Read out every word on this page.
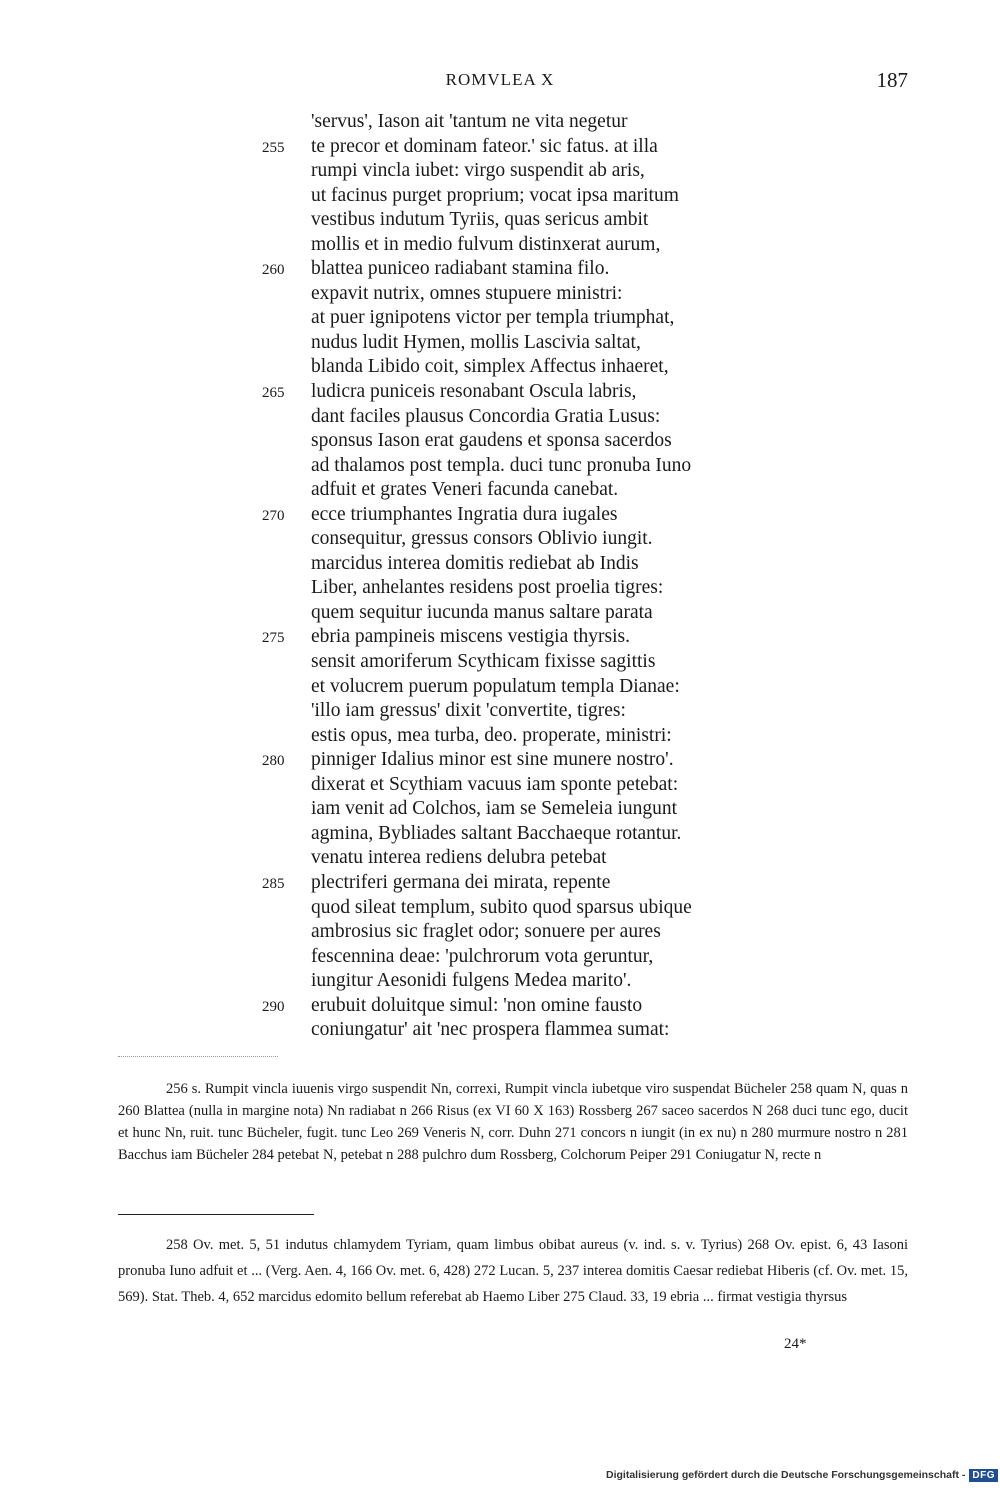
ROMVLEA X	187
'servus', Iason ait 'tantum ne vita negetur
255	te precor et dominam fateor.' sic fatus. at illa
rumpi vincla iubet: virgo suspendit ab aris,
ut facinus purget proprium; vocat ipsa maritum
vestibus indutum Tyriis, quas sericus ambit
mollis et in medio fulvum distinxerat aurum,
260	blattea puniceo radiabant stamina filo.
expavit nutrix, omnes stupuere ministri:
at puer ignipotens victor per templa triumphat,
nudus ludit Hymen, mollis Lascivia saltat,
blanda Libido coit, simplex Affectus inhaeret,
265	ludicra puniceis resonabant Oscula labris,
dant faciles plausus Concordia Gratia Lusus:
sponsus Iason erat gaudens et sponsa sacerdos
ad thalamos post templa. duci tunc pronuba Iuno
adfuit et grates Veneri facunda canebat.
270	ecce triumphantes Ingratia dura iugales
consequitur, gressus consors Oblivio iungit.
marcidus interea domitis rediebat ab Indis
Liber, anhelantes residens post proelia tigres:
quem sequitur iucunda manus saltare parata
275	ebria pampineis miscens vestigia thyrsis.
sensit amoriferum Scythicam fixisse sagittis
et volucrem puerum populatum templa Dianae:
'illo iam gressus' dixit 'convertite, tigres:
estis opus, mea turba, deo. properate, ministri:
280	pinniger Idalius minor est sine munere nostro'.
dixerat et Scythiam vacuus iam sponte petebat:
iam venit ad Colchos, iam se Semeleia iungunt
agmina, Bybliades saltant Bacchaeque rotantur.
venatu interea rediens delubra petebat
285	plectriferi germana dei mirata, repente
quod sileat templum, subito quod sparsus ubique
ambrosius sic fraglet odor; sonuere per aures
fescennina deae: 'pulchrorum vota geruntur,
iungitur Aesonidi fulgens Medea marito'.
290	erubuit doluitque simul: 'non omine fausto
coniungatur' ait 'nec prospera flammea sumat:

256 s. Rumpit vincla iuuenis virgo suspendit Nn, correxi, Rumpit vincla iubetque viro suspendat Bücheler 258 quam N, quas n 260 Blattea (nulla in margine nota) Nn radiabat n 266 Risus (ex VI 60 X 163) Rossberg 267 saceo sacerdos N 268 duci tunc ego, ducit et hunc Nn, ruit. tunc Bücheler, fugit. tunc Leo 269 Veneris N, corr. Duhn 271 concors n iungit (in ex nu) n 280 murmure nostro n 281 Bacchus iam Bücheler 284 petebat N, petebat n 288 pulchro dum Rossberg, Colchorum Peiper 291 Coniugatur N, recte n

258 Ov. met. 5, 51 indutus chlamydem Tyriam, quam limbus obibat aureus (v. ind. s. v. Tyrius) 268 Ov. epist. 6, 43 Iasoni pronuba Iuno adfuit et ... (Verg. Aen. 4, 166 Ov. met. 6, 428) 272 Lucan. 5, 237 interea domitis Caesar rediebat Hiberis (cf. Ov. met. 15, 569). Stat. Theb. 4, 652 marcidus edomito bellum referebat ab Haemo Liber 275 Claud. 33, 19 ebria ... firmat vestigia thyrsus

24*
Digitalisierung gefördert durch die Deutsche Forschungsgemeinschaft - DFG
